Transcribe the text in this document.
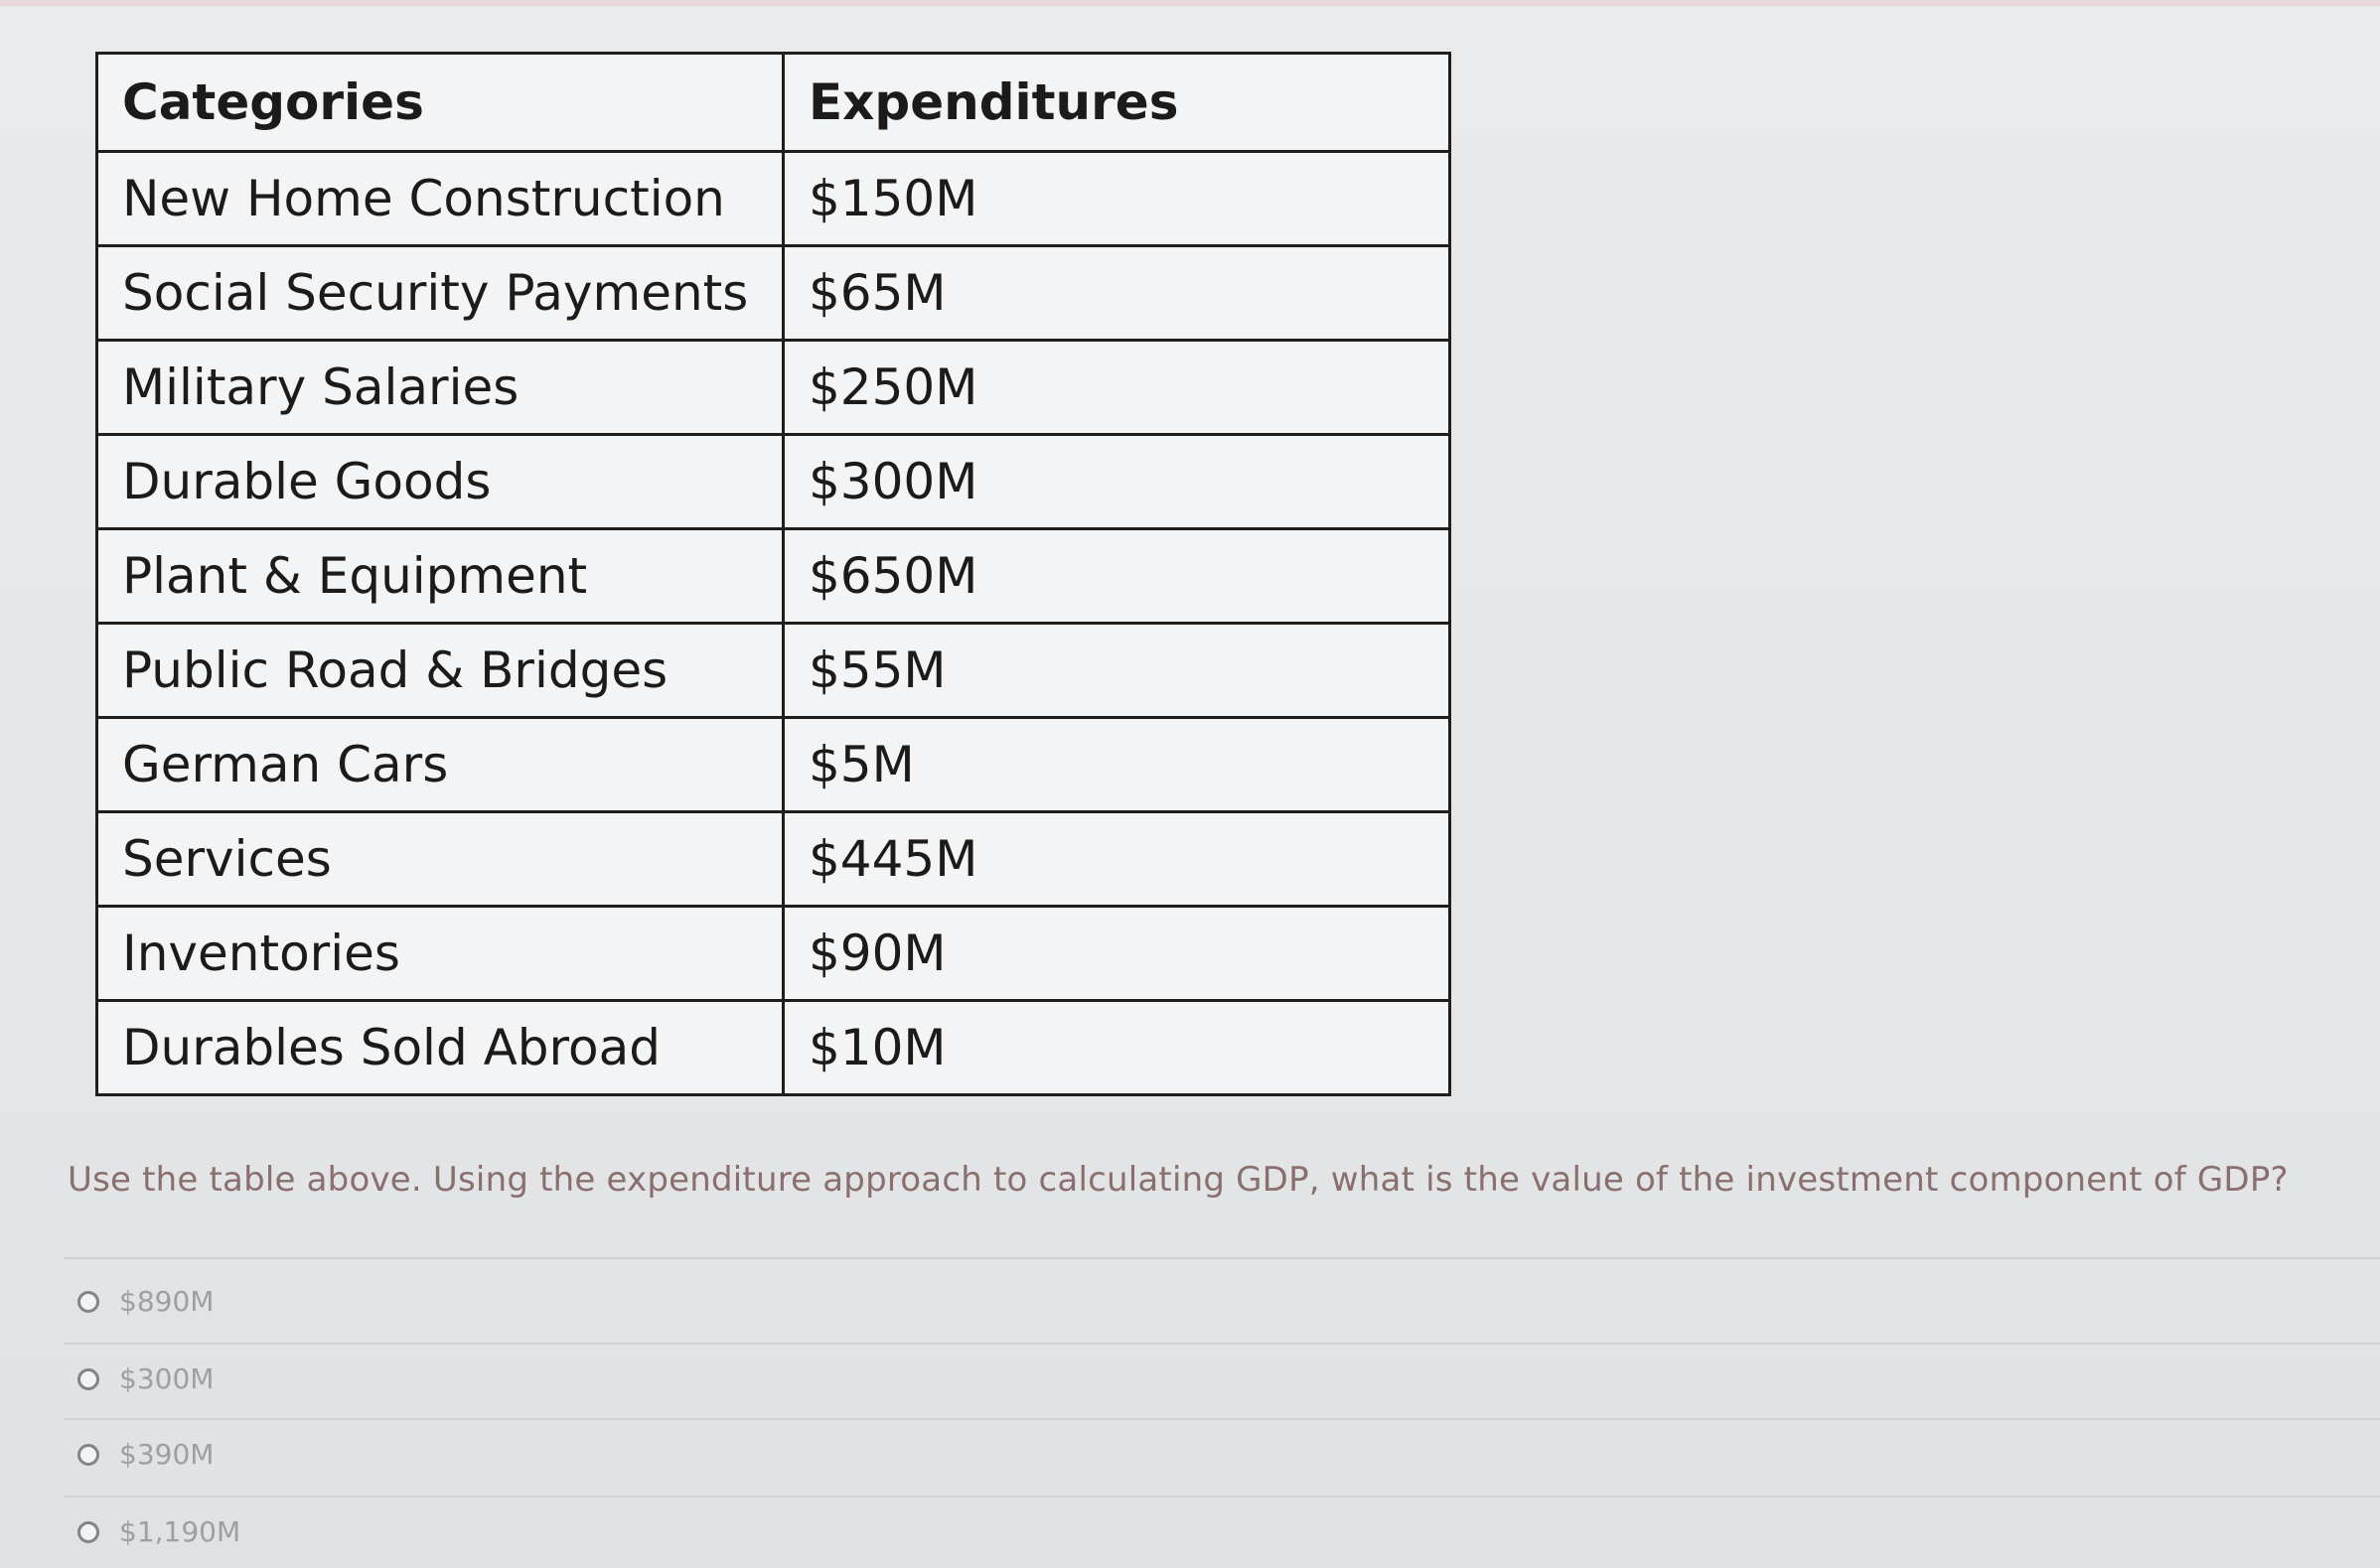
Categories	Expenditures
New Home Construction	$150M
Social Security Payments	$65M
Military Salaries	$250M
Durable Goods	$300M
Plant & Equipment	$650M
Public Road & Bridges	$55M
German Cars	$5M
Services	$445M
Inventories	$90M
Durables Sold Abroad	$10M
Use the table above. Using the expenditure approach to calculating GDP, what is the value of the investment component of GDP?
$890M
$300M
$390M
$1,190M
